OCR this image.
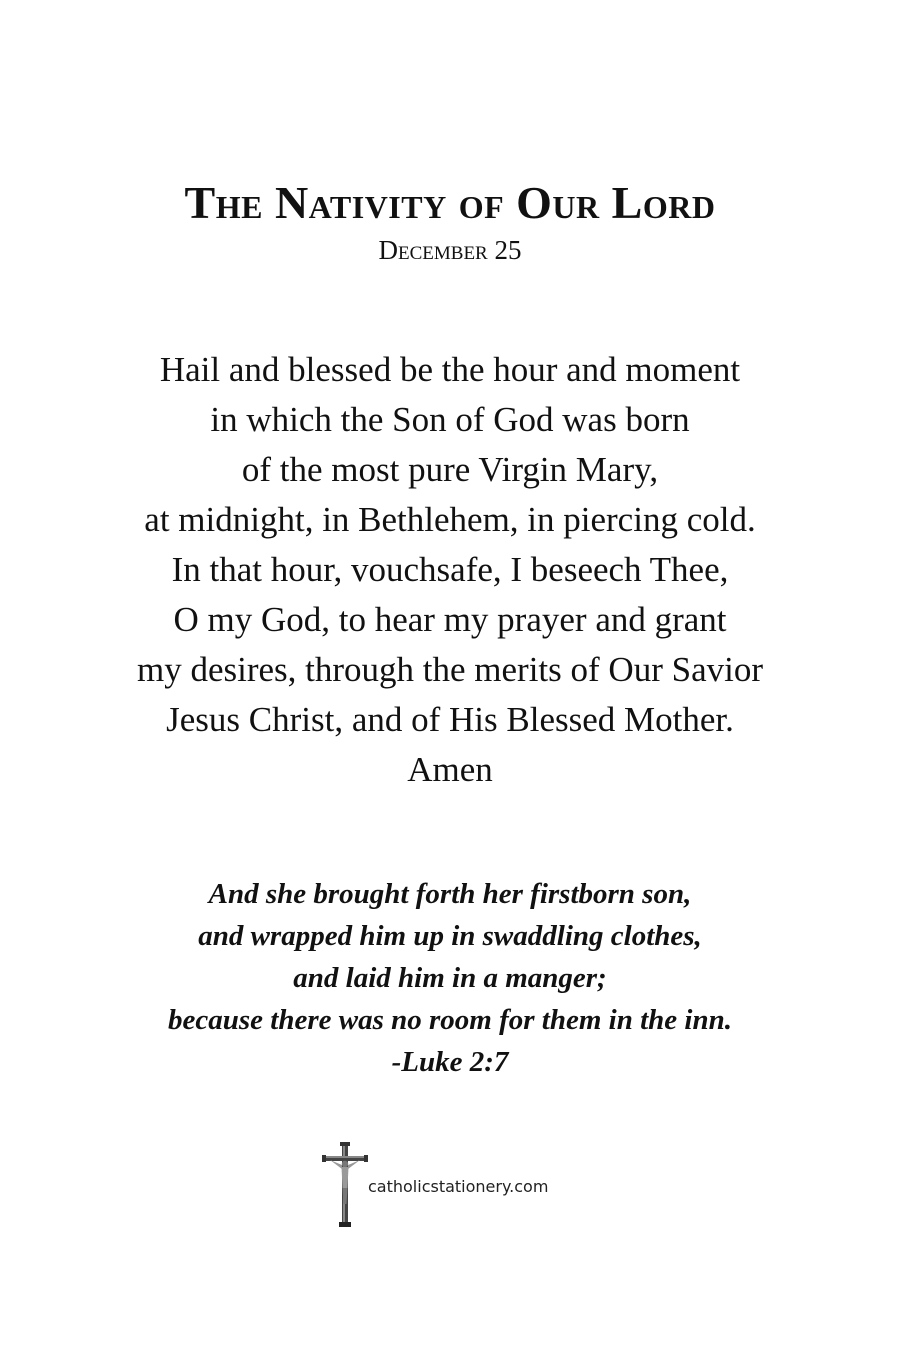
The Nativity of Our Lord
December 25
Hail and blessed be the hour and moment
in which the Son of God was born
of the most pure Virgin Mary,
at midnight, in Bethlehem, in piercing cold.
In that hour, vouchsafe, I beseech Thee,
O my God, to hear my prayer and grant
my desires, through the merits of Our Savior
Jesus Christ, and of His Blessed Mother.
Amen
And she brought forth her firstborn son,
and wrapped him up in swaddling clothes,
and laid him in a manger;
because there was no room for them in the inn.
-Luke 2:7
catholicstationery.com
